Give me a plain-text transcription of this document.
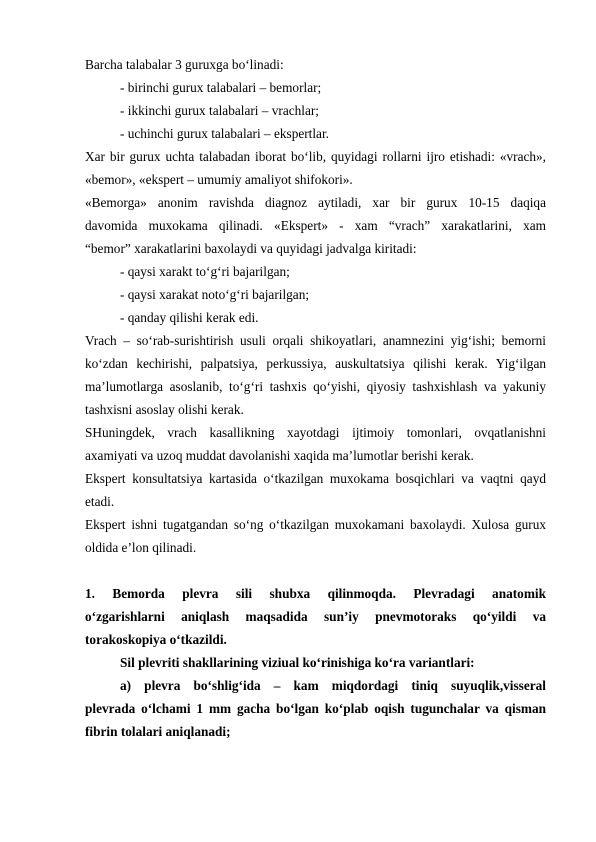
Barcha talabalar 3 guruxga bo‘linadi:
- birinchi gurux talabalari – bemorlar;
- ikkinchi gurux talabalari – vrachlar;
- uchinchi gurux talabalari – ekspertlar.
Xar bir gurux uchta talabadan iborat bo‘lib, quyidagi rollarni ijro etishadi: «vrach»,
«bemor», «ekspert – umumiy amaliyot shifokori».
«Bemorga» anonim ravishda diagnoz aytiladi, xar bir gurux 10-15 daqiqa
davomida muxokama qilinadi. «Ekspert» - xam “vrach” xarakatlarini, xam
“bemor” xarakatlarini baxolaydi va quyidagi jadvalga kiritadi:
- qaysi xarakt to‘g‘ri bajarilgan;
- qaysi xarakat noto‘g‘ri bajarilgan;
- qanday qilishi kerak edi.
Vrach – so‘rab-surishtirish usuli orqali shikoyatlari, anamnezini yig‘ishi; bemorni
ko‘zdan kechirishi, palpatsiya, perkussiya, auskultatsiya qilishi kerak. Yig‘ilgan
ma’lumotlarga asoslanib, to‘g‘ri tashxis qo‘yishi, qiyosiy tashxishlash va yakuniy
tashxisni asoslay olishi kerak.
SHuningdek, vrach kasallikning xayotdagi ijtimoiy tomonlari, ovqatlanishni
axamiyati va uzoq muddat davolanishi xaqida ma’lumotlar berishi kerak.
Ekspert konsultatsiya kartasida o‘tkazilgan muxokama bosqichlari va vaqtni qayd
etadi.
Ekspert ishni tugatgandan so‘ng o‘tkazilgan muxokamani baxolaydi. Xulosa gurux
oldida e’lon qilinadi.
1. Bemorda plevra sili shubxa qilinmoqda. Plevradagi anatomik
o‘zgarishlarni aniqlash maqsadida sun’iy pnevmotoraks qo‘yildi va
torakoskopiya o‘tkazildi.
Sil plevriti shakllarining viziual ko‘rinishiga ko‘ra variantlari:
a) plevra bo‘shlig‘ida – kam miqdordagi tiniq suyuqlik,visseral
plevrada o‘lchami 1 mm gacha bo‘lgan ko‘plab oqish tugunchalar va qisman
fibrin tolalari aniqlanadi;
